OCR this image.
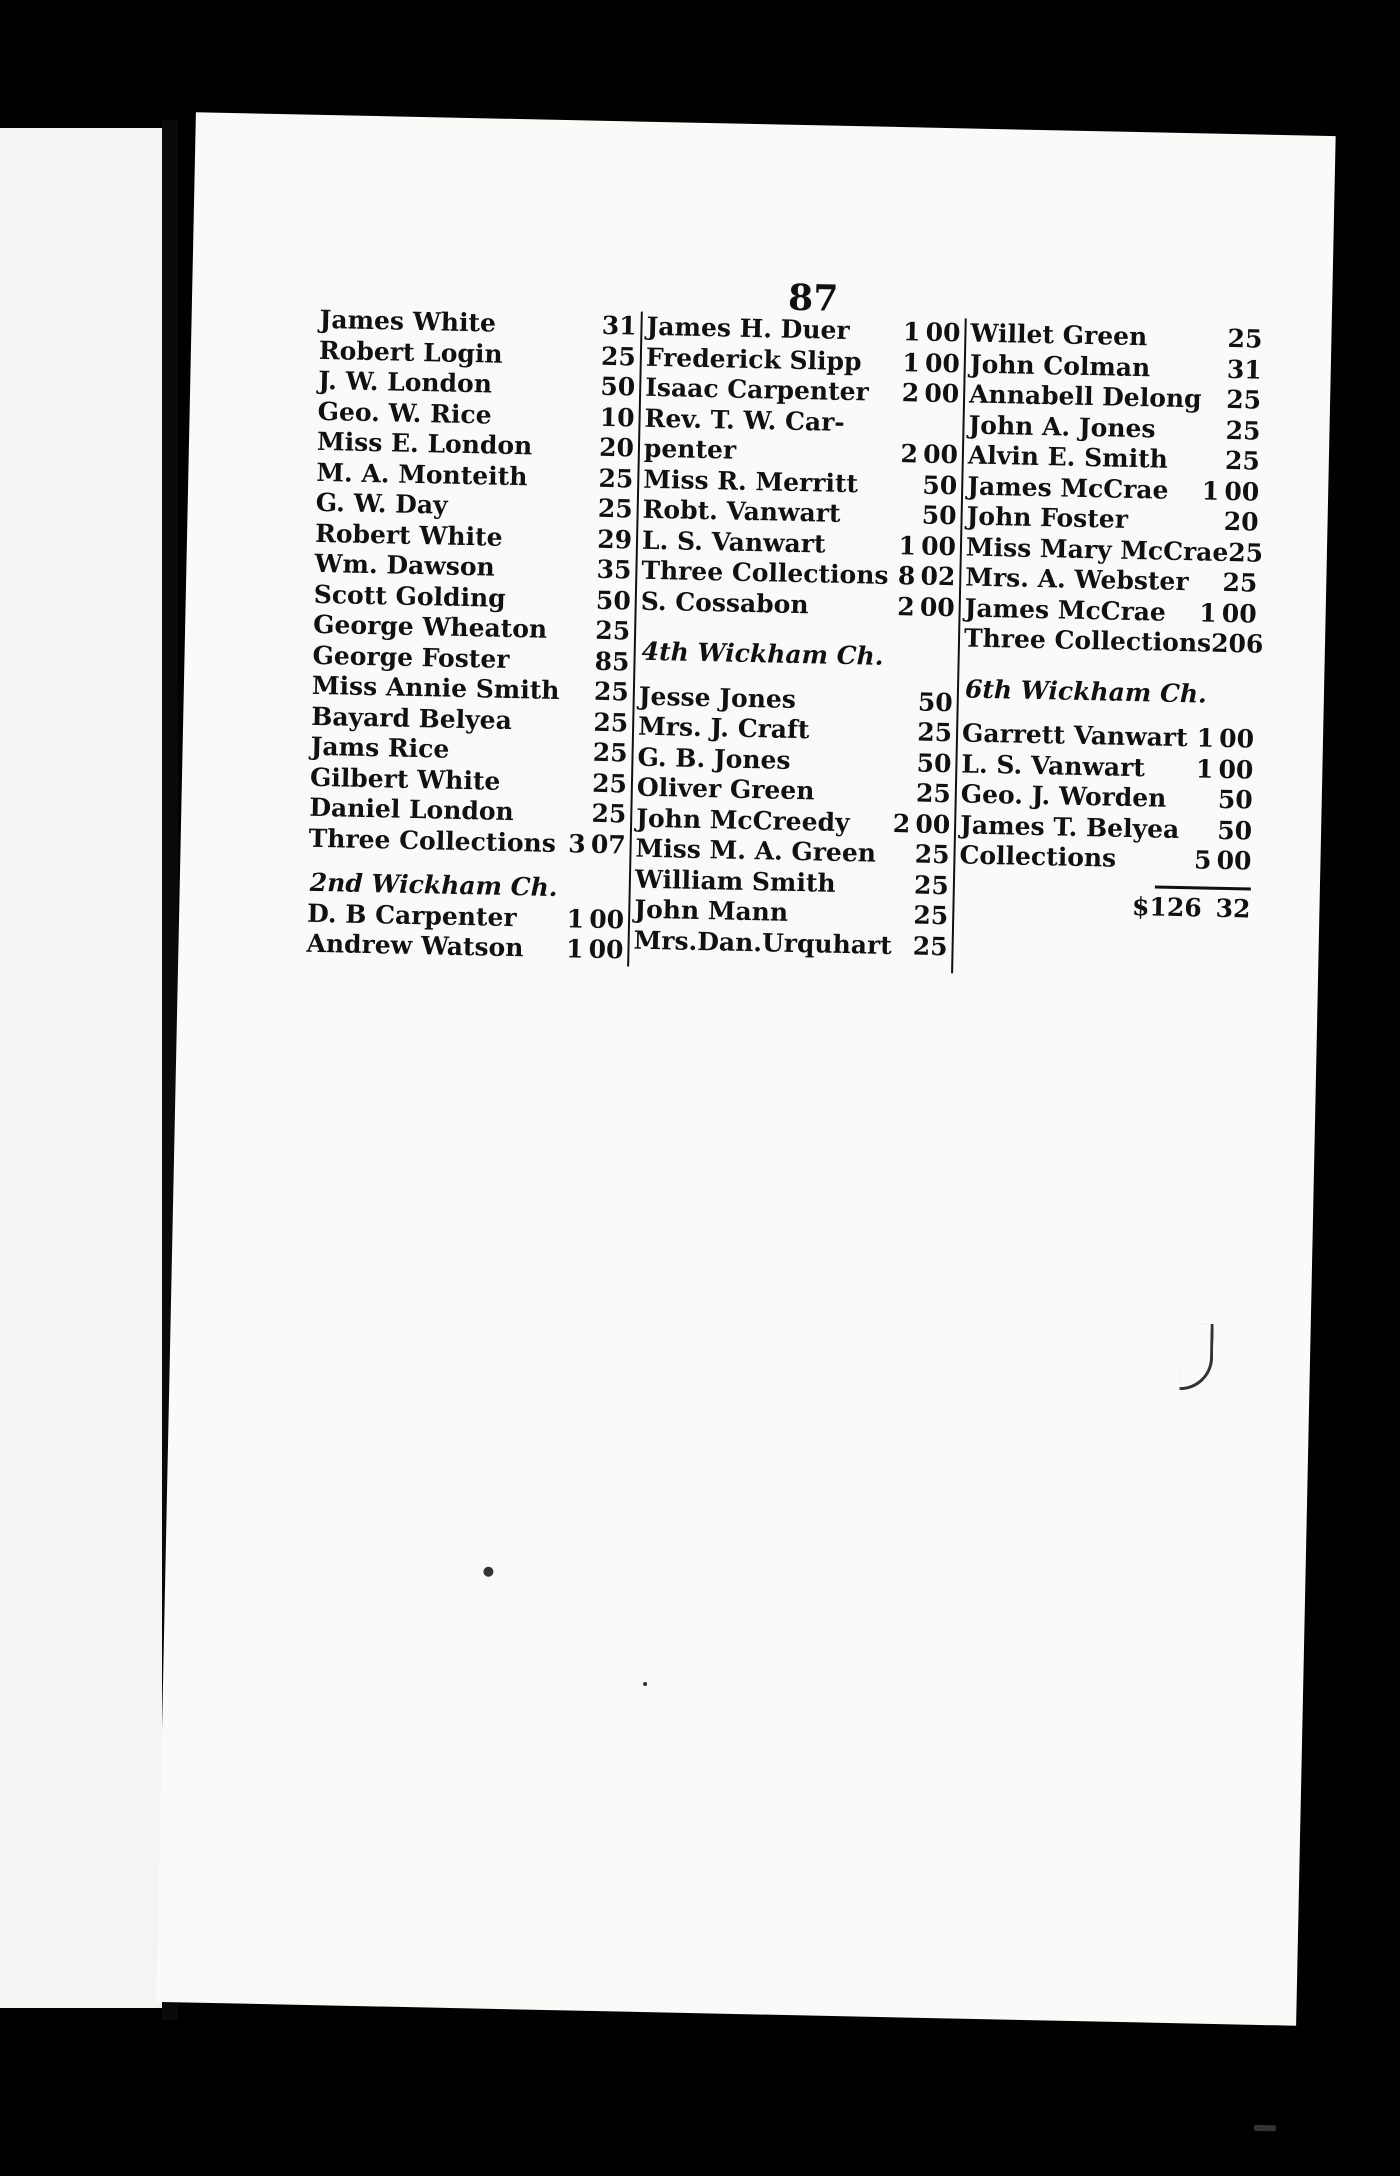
87
James White	31
Robert Login	25
J. W. London	50
Geo. W. Rice	10
Miss E. London	20
M. A. Monteith	25
G. W. Day	25
Robert White	29
Wm. Dawson	35
Scott Golding	50
George Wheaton	25
George Foster	85
Miss Annie Smith 25
Bayard Belyea	25
Jams Rice	25
Gilbert White	25
Daniel London	25
Three Collections 3 07
2nd Wickham Ch.
D. B Carpenter	1 00
Andrew Watson	1 00
James H. Duer	1 00
Frederick Slipp	1 00
Isaac Carpenter	2 00
Rev. T. W. Car-
penter	2 00
Miss R. Merritt	50
Robt. Vanwart	50
L. S. Vanwart	1 00
Three Collections 8 02
S. Cossabon	2 00
4th Wickham Ch.
Jesse Jones	50
Mrs. J. Craft	25
G. B. Jones	50
Oliver Green	25
John McCreedy	2 00
Miss M. A. Green	25
William Smith	25
John Mann	25
Mrs.Dan.Urquhart 25
Willet Green	25
John Colman	31
Annabell Delong 25
John A. Jones	25
Alvin E. Smith	25
James McCrae	1 00
John Foster	20
Miss Mary McCrae 25
Mrs. A. Webster 25
James McCrae	1 00
Three Collections 2 06
6th Wickham Ch.
Garrett Vanwart 1 00
L. S. Vanwart	1 00
Geo. J. Worden	50
James T. Belyea 50
Collections	5 00
$126 32
